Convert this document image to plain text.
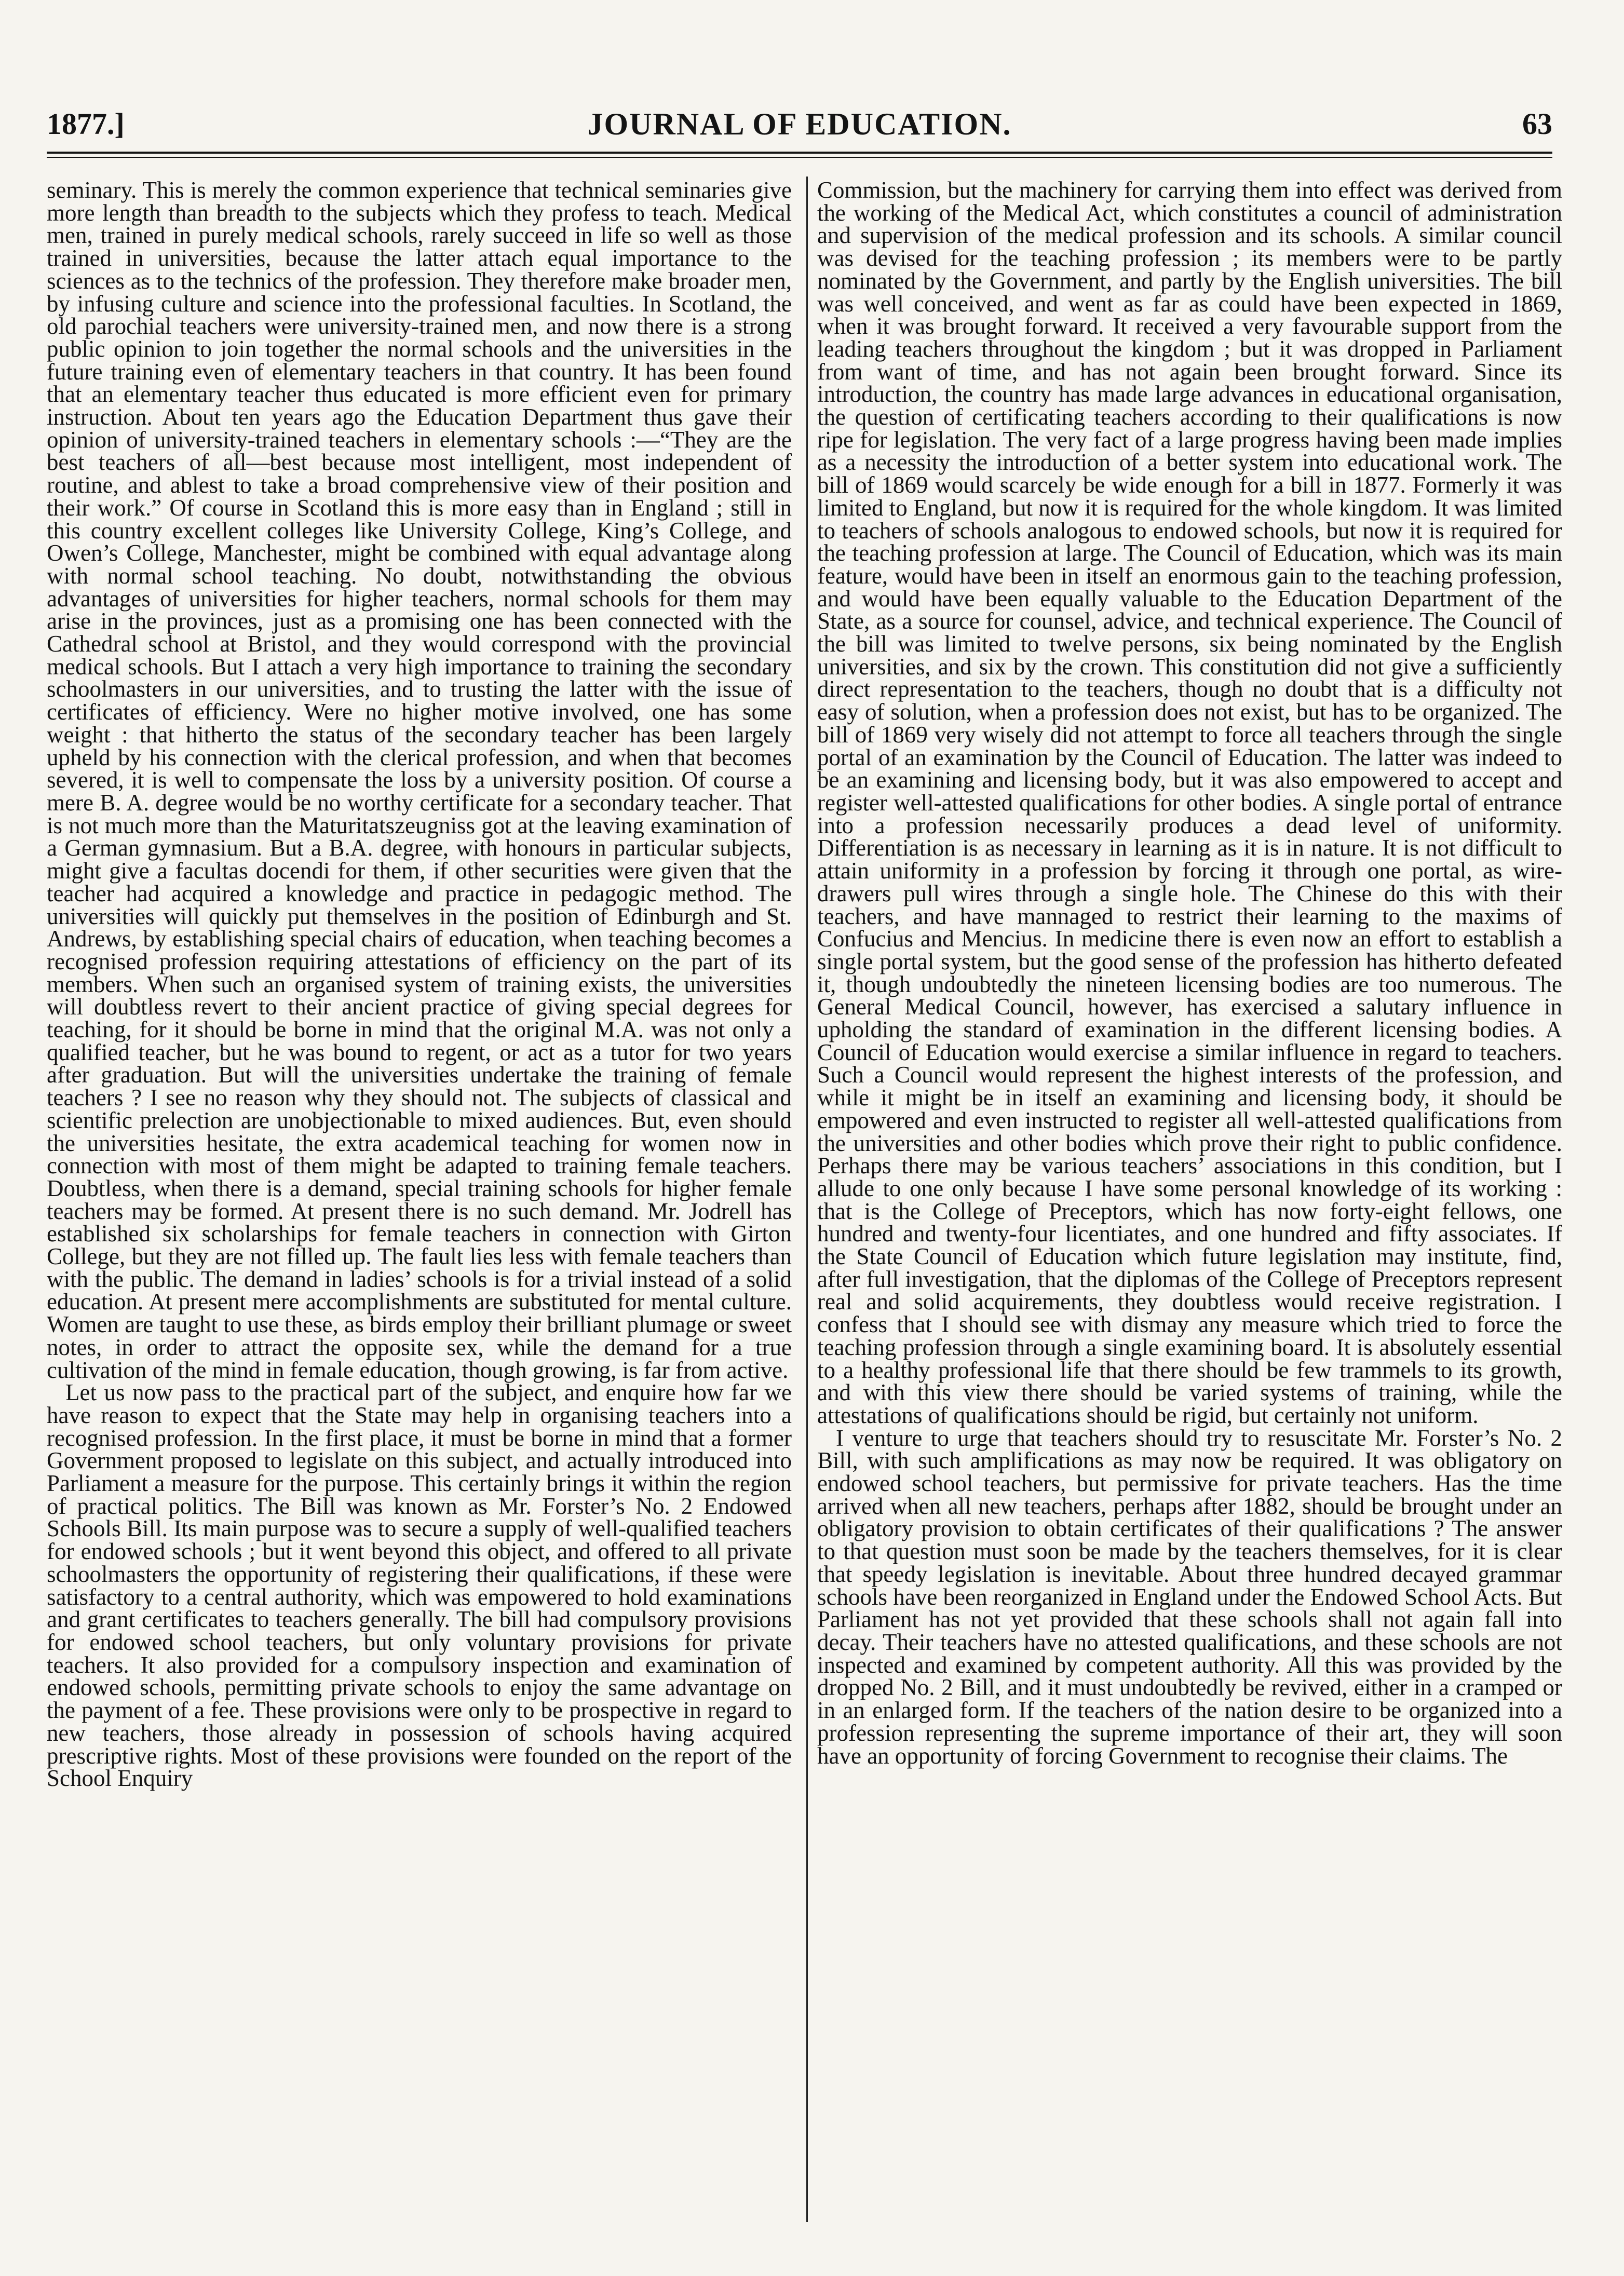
1877.]	JOURNAL OF EDUCATION.	63

seminary. This is merely the common experience that technical seminaries give more length than breadth to the subjects which they profess to teach. Medical men, trained in purely medical schools, rarely succeed in life so well as those trained in universities, because the latter attach equal importance to the sciences as to the technics of the profession. They therefore make broader men, by infusing culture and science into the professional faculties. In Scotland, the old parochial teachers were university-trained men, and now there is a strong public opinion to join together the normal schools and the universities in the future training even of elementary teachers in that country. It has been found that an elementary teacher thus educated is more efficient even for primary instruction. About ten years ago the Education Department thus gave their opinion of university-trained teachers in elementary schools :—“They are the best teachers of all—best because most intelligent, most independent of routine, and ablest to take a broad comprehensive view of their position and their work.” Of course in Scotland this is more easy than in England ; still in this country excellent colleges like University College, King’s College, and Owen’s College, Manchester, might be combined with equal advantage along with normal school teaching. No doubt, notwithstanding the obvious advantages of universities for higher teachers, normal schools for them may arise in the provinces, just as a promising one has been connected with the Cathedral school at Bristol, and they would correspond with the provincial medical schools. But I attach a very high importance to training the secondary schoolmasters in our universities, and to trusting the latter with the issue of certificates of efficiency. Were no higher motive involved, one has some weight : that hitherto the status of the secondary teacher has been largely upheld by his connection with the clerical profession, and when that becomes severed, it is well to compensate the loss by a university position. Of course a mere B. A. degree would be no worthy certificate for a secondary teacher. That is not much more than the Maturitatszeugniss got at the leaving examination of a German gymnasium. But a B.A. degree, with honours in particular subjects, might give a facultas docendi for them, if other securities were given that the teacher had acquired a knowledge and practice in pedagogic method. The universities will quickly put themselves in the position of Edinburgh and St. Andrews, by establishing special chairs of education, when teaching becomes a recognised profession requiring attestations of efficiency on the part of its members. When such an organised system of training exists, the universities will doubtless revert to their ancient practice of giving special degrees for teaching, for it should be borne in mind that the original M.A. was not only a qualified teacher, but he was bound to regent, or act as a tutor for two years after graduation. But will the universities undertake the training of female teachers ? I see no reason why they should not. The subjects of classical and scientific prelection are unobjectionable to mixed audiences. But, even should the universities hesitate, the extra academical teaching for women now in connection with most of them might be adapted to training female teachers. Doubtless, when there is a demand, special training schools for higher female teachers may be formed. At present there is no such demand. Mr. Jodrell has established six scholarships for female teachers in connection with Girton College, but they are not filled up. The fault lies less with female teachers than with the public. The demand in ladies’ schools is for a trivial instead of a solid education. At present mere accomplishments are substituted for mental culture. Women are taught to use these, as birds employ their brilliant plumage or sweet notes, in order to attract the opposite sex, while the demand for a true cultivation of the mind in female education, though growing, is far from active.

Let us now pass to the practical part of the subject, and enquire how far we have reason to expect that the State may help in organising teachers into a recognised profession. In the first place, it must be borne in mind that a former Government proposed to legislate on this subject, and actually introduced into Parliament a measure for the purpose. This certainly brings it within the region of practical politics. The Bill was known as Mr. Forster’s No. 2 Endowed Schools Bill. Its main purpose was to secure a supply of well-qualified teachers for endowed schools ; but it went beyond this object, and offered to all private schoolmasters the opportunity of registering their qualifications, if these were satisfactory to a central authority, which was empowered to hold examinations and grant certificates to teachers generally. The bill had compulsory provisions for endowed school teachers, but only voluntary provisions for private teachers. It also provided for a compulsory inspection and examination of endowed schools, permitting private schools to enjoy the same advantage on the payment of a fee. These provisions were only to be prospective in regard to new teachers, those already in possession of schools having acquired prescriptive rights. Most of these provisions were founded on the report of the School Enquiry

Commission, but the machinery for carrying them into effect was derived from the working of the Medical Act, which constitutes a council of administration and supervision of the medical profession and its schools. A similar council was devised for the teaching profession ; its members were to be partly nominated by the Government, and partly by the English universities. The bill was well conceived, and went as far as could have been expected in 1869, when it was brought forward. It received a very favourable support from the leading teachers throughout the kingdom ; but it was dropped in Parliament from want of time, and has not again been brought forward. Since its introduction, the country has made large advances in educational organisation, the question of certificating teachers according to their qualifications is now ripe for legislation. The very fact of a large progress having been made implies as a necessity the introduction of a better system into educational work. The bill of 1869 would scarcely be wide enough for a bill in 1877. Formerly it was limited to England, but now it is required for the whole kingdom. It was limited to teachers of schools analogous to endowed schools, but now it is required for the teaching profession at large. The Council of Education, which was its main feature, would have been in itself an enormous gain to the teaching profession, and would have been equally valuable to the Education Department of the State, as a source for counsel, advice, and technical experience. The Council of the bill was limited to twelve persons, six being nominated by the English universities, and six by the crown. This constitution did not give a sufficiently direct representation to the teachers, though no doubt that is a difficulty not easy of solution, when a profession does not exist, but has to be organized. The bill of 1869 very wisely did not attempt to force all teachers through the single portal of an examination by the Council of Education. The latter was indeed to be an examining and licensing body, but it was also empowered to accept and register well-attested qualifications for other bodies. A single portal of entrance into a profession necessarily produces a dead level of uniformity. Differentiation is as necessary in learning as it is in nature. It is not difficult to attain uniformity in a profession by forcing it through one portal, as wire-drawers pull wires through a single hole. The Chinese do this with their teachers, and have mannaged to restrict their learning to the maxims of Confucius and Mencius. In medicine there is even now an effort to establish a single portal system, but the good sense of the profession has hitherto defeated it, though undoubtedly the nineteen licensing bodies are too numerous. The General Medical Council, however, has exercised a salutary influence in upholding the standard of examination in the different licensing bodies. A Council of Education would exercise a similar influence in regard to teachers. Such a Council would represent the highest interests of the profession, and while it might be in itself an examining and licensing body, it should be empowered and even instructed to register all well-attested qualifications from the universities and other bodies which prove their right to public confidence. Perhaps there may be various teachers’ associations in this condition, but I allude to one only because I have some personal knowledge of its working : that is the College of Preceptors, which has now forty-eight fellows, one hundred and twenty-four licentiates, and one hundred and fifty associates. If the State Council of Education which future legislation may institute, find, after full investigation, that the diplomas of the College of Preceptors represent real and solid acquirements, they doubtless would receive registration. I confess that I should see with dismay any measure which tried to force the teaching profession through a single examining board. It is absolutely essential to a healthy professional life that there should be few trammels to its growth, and with this view there should be varied systems of training, while the attestations of qualifications should be rigid, but certainly not uniform.

I venture to urge that teachers should try to resuscitate Mr. Forster’s No. 2 Bill, with such amplifications as may now be required. It was obligatory on endowed school teachers, but permissive for private teachers. Has the time arrived when all new teachers, perhaps after 1882, should be brought under an obligatory provision to obtain certificates of their qualifications ? The answer to that question must soon be made by the teachers themselves, for it is clear that speedy legislation is inevitable. About three hundred decayed grammar schools have been reorganized in England under the Endowed School Acts. But Parliament has not yet provided that these schools shall not again fall into decay. Their teachers have no attested qualifications, and these schools are not inspected and examined by competent authority. All this was provided by the dropped No. 2 Bill, and it must undoubtedly be revived, either in a cramped or in an enlarged form. If the teachers of the nation desire to be organized into a profession representing the supreme importance of their art, they will soon have an opportunity of forcing Government to recognise their claims. The
